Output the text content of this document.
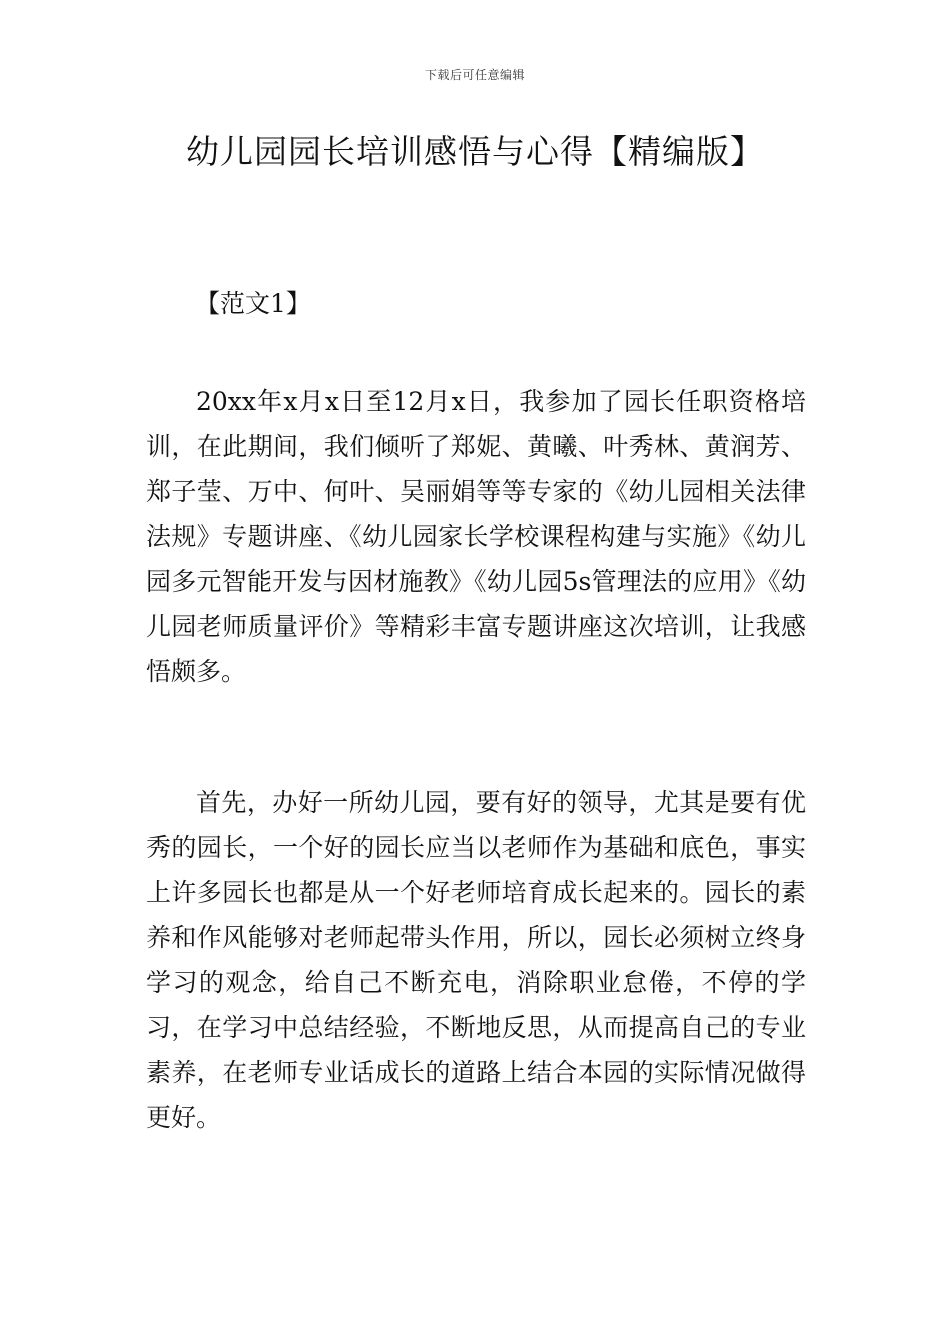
下载后可任意编辑
幼儿园园长培训感悟与心得【精编版】

【范文1】

20xx年x月x日至12月x日，我参加了园长任职资格培训，在此期间，我们倾听了郑妮、黄曦、叶秀林、黄润芳、郑子莹、万中、何叶、吴丽娟等等专家的《幼儿园相关法律法规》专题讲座、《幼儿园家长学校课程构建与实施》《幼儿园多元智能开发与因材施教》《幼儿园5s管理法的应用》《幼儿园老师质量评价》等精彩丰富专题讲座这次培训，让我感悟颇多。

首先，办好一所幼儿园，要有好的领导，尤其是要有优秀的园长，一个好的园长应当以老师作为基础和底色，事实上许多园长也都是从一个好老师培育成长起来的。园长的素养和作风能够对老师起带头作用，所以，园长必须树立终身学习的观念，给自己不断充电，消除职业怠倦，不停的学习，在学习中总结经验，不断地反思，从而提高自己的专业素养，在老师专业话成长的道路上结合本园的实际情况做得更好。
